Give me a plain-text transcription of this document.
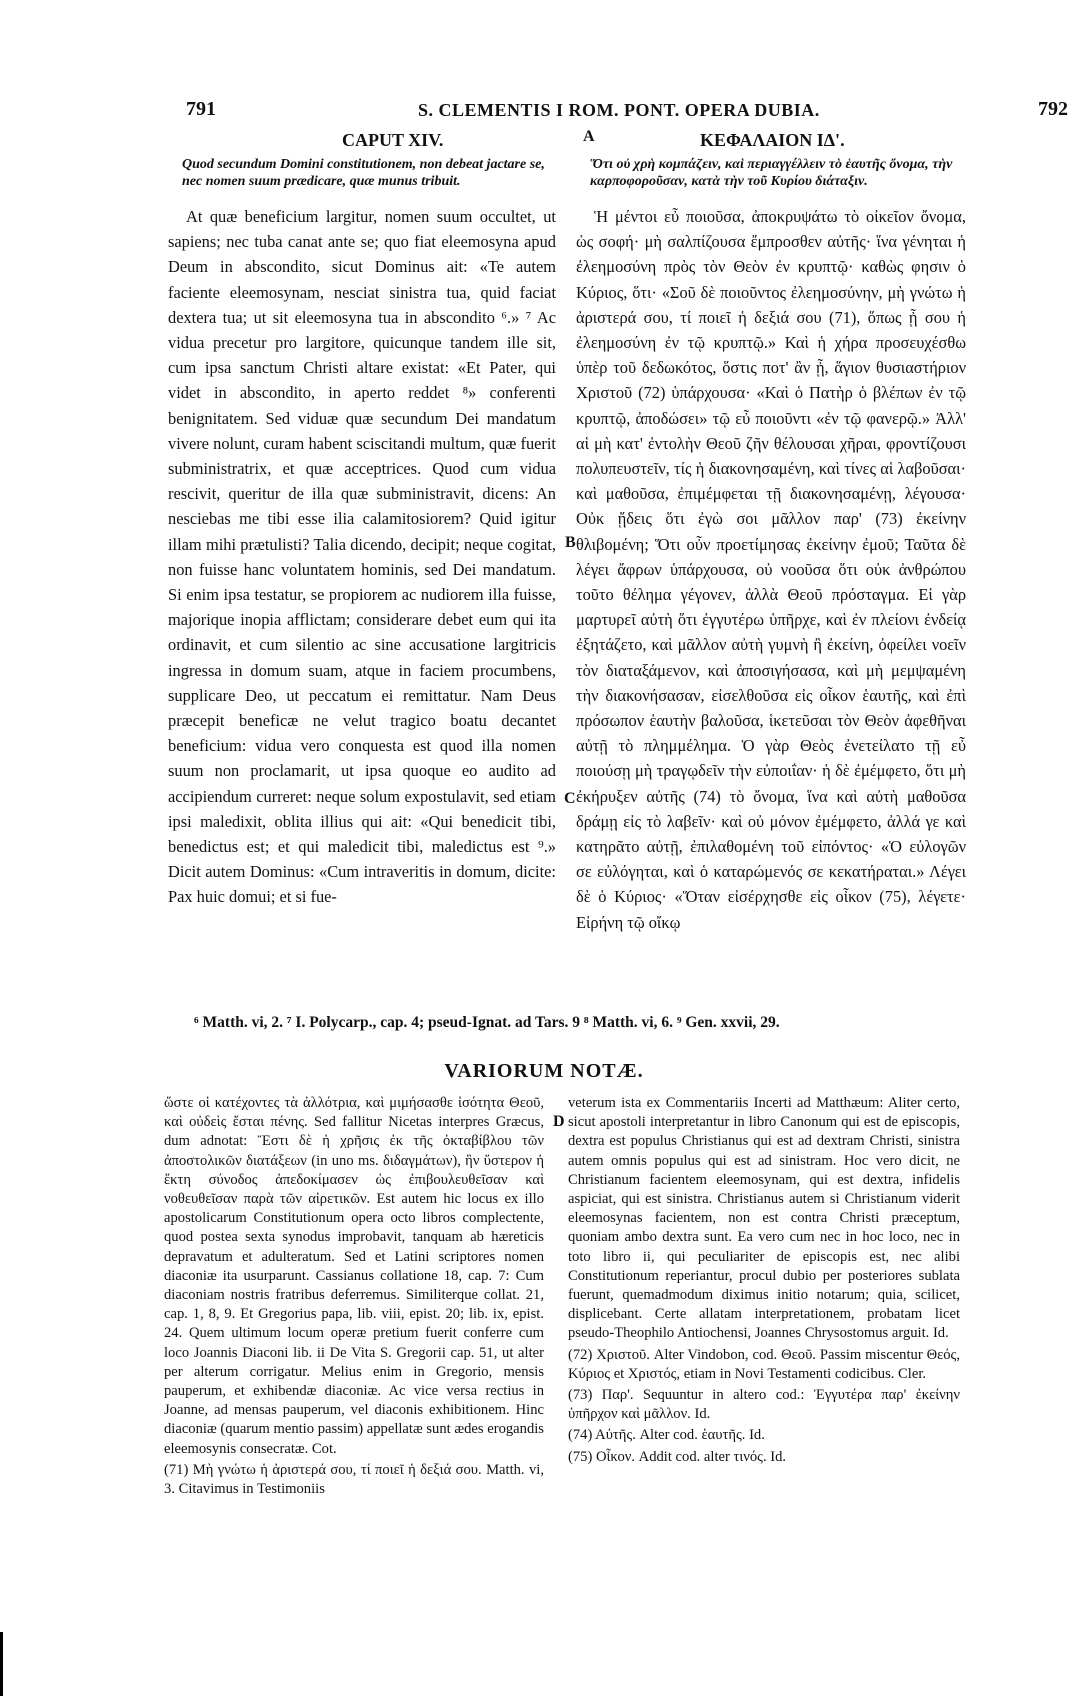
791	S. CLEMENTIS I ROM. PONT. OPERA DUBIA.	792
CAPUT XIV.	ΚΕΦΑΛΑΙΟΝ ΙΔ'.
A
B
C
D
Quod secundum Domini constitutionem, non debeat jactare se, nec nomen suum prædicare, quæ munus tribuit.
Ὅτι οὐ χρὴ κομπάζειν, καὶ περιαγγέλλειν τὸ ἑαυτῆς ὄνομα, τὴν καρποφοροῦσαν, κατὰ τὴν τοῦ Κυρίου διάταξιν.

At quæ beneficium largitur, nomen suum occultet, ut sapiens; nec tuba canat ante se; quo fiat eleemosyna apud Deum in abscondito, sicut Dominus ait: «Te autem faciente eleemosynam, nesciat sinistra tua, quid faciat dextera tua; ut sit eleemosyna tua in abscondito ⁶.» ⁷ Ac vidua precetur pro largitore, quicunque tandem ille sit, cum ipsa sanctum Christi altare existat: «Et Pater, qui videt in abscondito, in aperto reddet ⁸» conferenti benignitatem. Sed viduæ quæ secundum Dei mandatum vivere nolunt, curam habent sciscitandi multum, quæ fuerit subministratrix, et quæ acceptrices. Quod cum vidua rescivit, queritur de illa quæ subministravit, dicens: An nesciebas me tibi esse ilia calamitosiorem? Quid igitur illam mihi prætulisti? Talia dicendo, decipit; neque cogitat, non fuisse hanc voluntatem hominis, sed Dei mandatum. Si enim ipsa testatur, se propiorem ac nudiorem illa fuisse, majorique inopia afflictam; considerare debet eum qui ita ordinavit, et cum silentio ac sine accusatione largitricis ingressa in domum suam, atque in faciem procumbens, supplicare Deo, ut peccatum ei remittatur. Nam Deus præcepit beneficæ ne velut tragico boatu decantet beneficium: vidua vero conquesta est quod illa nomen suum non proclamarit, ut ipsa quoque eo audito ad accipiendum curreret: neque solum expostulavit, sed etiam ipsi maledixit, oblita illius qui ait: «Qui benedicit tibi, benedictus est; et qui maledicit tibi, maledictus est ⁹.» Dicit autem Dominus: «Cum intraveritis in domum, dicite: Pax huic domui; et si fue-

Ἡ μέντοι εὖ ποιοῦσα, ἀποκρυψάτω τὸ οἰκεῖον ὄνομα, ὡς σοφή· μὴ σαλπίζουσα ἔμπροσθεν αὐτῆς· ἵνα γένηται ἡ ἐλεημοσύνη πρὸς τὸν Θεὸν ἐν κρυπτῷ· καθὼς φησιν ὁ Κύριος, ὅτι· «Σοῦ δὲ ποιοῦντος ἐλεημοσύνην, μὴ γνώτω ἡ ἀριστερά σου, τί ποιεῖ ἡ δεξιά σου (71), ὅπως ᾖ σου ἡ ἐλεημοσύνη ἐν τῷ κρυπτῷ.» Καὶ ἡ χήρα προσευχέσθω ὑπὲρ τοῦ δεδωκότος, ὅστις ποτ' ἂν ᾖ, ἅγιον θυσιαστήριον Χριστοῦ (72) ὑπάρχουσα· «Καὶ ὁ Πατὴρ ὁ βλέπων ἐν τῷ κρυπτῷ, ἀποδώσει» τῷ εὖ ποιοῦντι «ἐν τῷ φανερῷ.» Ἀλλ' αἱ μὴ κατ' ἐντολὴν Θεοῦ ζῆν θέλουσαι χῆραι, φροντίζουσι πολυπευστεῖν, τίς ἡ διακονησαμένη, καὶ τίνες αἱ λαβοῦσαι· καὶ μαθοῦσα, ἐπιμέμφεται τῇ διακονησαμένῃ, λέγουσα· Οὐκ ᾔδεις ὅτι ἐγὼ σοι μᾶλλον παρ' (73) ἐκείνην θλιβομένη; Ὅτι οὖν προετίμησας ἐκείνην ἐμοῦ; Ταῦτα δὲ λέγει ἄφρων ὑπάρχουσα, οὐ νοοῦσα ὅτι οὐκ ἀνθρώπου τοῦτο θέλημα γέγονεν, ἀλλὰ Θεοῦ πρόσταγμα. Εἰ γὰρ μαρτυρεῖ αὐτὴ ὅτι ἐγγυτέρω ὑπῆρχε, καὶ ἐν πλείονι ἐνδείᾳ ἐξητάζετο, καὶ μᾶλλον αὐτὴ γυμνὴ ἢ ἐκείνη, ὀφείλει νοεῖν τὸν διαταξάμενον, καὶ ἀποσιγήσασα, καὶ μὴ μεμψαμένη τὴν διακονήσασαν, εἰσελθοῦσα εἰς οἶκον ἑαυτῆς, καὶ ἐπὶ πρόσωπον ἑαυτὴν βαλοῦσα, ἱκετεῦσαι τὸν Θεὸν ἀφεθῆναι αὐτῇ τὸ πλημμέλημα. Ὁ γὰρ Θεὸς ἐνετείλατο τῇ εὖ ποιούσῃ μὴ τραγῳδεῖν τὴν εὐποιΐαν· ἡ δὲ ἐμέμφετο, ὅτι μὴ ἐκήρυξεν αὐτῆς (74) τὸ ὄνομα, ἵνα καὶ αὐτὴ μαθοῦσα δράμῃ εἰς τὸ λαβεῖν· καὶ οὐ μόνον ἐμέμφετο, ἀλλά γε καὶ κατηρᾶτο αὐτῇ, ἐπιλαθομένη τοῦ εἰπόντος· «Ὁ εὐλογῶν σε εὐλόγηται, καὶ ὁ καταρώμενός σε κεκατήραται.» Λέγει δὲ ὁ Κύριος· «Ὅταν εἰσέρχησθε εἰς οἶκον (75), λέγετε· Εἰρήνη τῷ οἴκῳ

⁶ Matth. vi, 2. ⁷ I. Polycarp., cap. 4; pseud-Ignat. ad Tars. 9 ⁸ Matth. vi, 6. ⁹ Gen. xxvii, 29.
VARIORUM NOTÆ.

ὥστε οἱ κατέχοντες τὰ ἀλλότρια, καὶ μιμήσασθε ἰσότητα Θεοῦ, καὶ οὐδεὶς ἔσται πένης. Sed fallitur Nicetas interpres Græcus, dum adnotat: Ἔστι δὲ ἡ χρῆσις ἐκ τῆς ὀκταβίβλου τῶν ἀποστολικῶν διατάξεων (in uno ms. διδαγμάτων), ἣν ὕστερον ἡ ἕκτη σύνοδος ἀπεδοκίμασεν ὡς ἐπιβουλευθεῖσαν καὶ νοθευθεῖσαν παρὰ τῶν αἱρετικῶν. Est autem hic locus ex illo apostolicarum Constitutionum opera octo libros complectente, quod postea sexta synodus improbavit, tanquam ab hæreticis depravatum et adulteratum. Sed et Latini scriptores nomen diaconiæ ita usurparunt. Cassianus collatione 18, cap. 7: Cum diaconiam nostris fratribus deferremus. Similiterque collat. 21, cap. 1, 8, 9. Et Gregorius papa, lib. viii, epist. 20; lib. ix, epist. 24. Quem ultimum locum operæ pretium fuerit conferre cum loco Joannis Diaconi lib. ii De Vita S. Gregorii cap. 51, ut alter per alterum corrigatur. Melius enim in Gregorio, mensis pauperum, et exhibendæ diaconiæ. Ac vice versa rectius in Joanne, ad mensas pauperum, vel diaconis exhibitionem. Hinc diaconiæ (quarum mentio passim) appellatæ sunt ædes erogandis eleemosynis consecratæ. Cot.

(71) Μὴ γνώτω ἡ ἀριστερά σου, τί ποιεῖ ἡ δεξιά σου. Matth. vi, 3. Citavimus in Testimoniis

veterum ista ex Commentariis Incerti ad Matthæum: Aliter certo, sicut apostoli interpretantur in libro Canonum qui est de episcopis, dextra est populus Christianus qui est ad dextram Christi, sinistra autem omnis populus qui est ad sinistram. Hoc vero dicit, ne Christianum facientem eleemosynam, qui est dextra, infidelis aspiciat, qui est sinistra. Christianus autem si Christianum viderit eleemosynas facientem, non est contra Christi præceptum, quoniam ambo dextra sunt. Ea vero cum nec in hoc loco, nec in toto libro ii, qui peculiariter de episcopis est, nec alibi Constitutionum reperiantur, procul dubio per posteriores sublata fuerunt, quemadmodum diximus initio notarum; quia, scilicet, displicebant. Certe allatam interpretationem, probatam licet pseudo-Theophilo Antiochensi, Joannes Chrysostomus arguit. Id.

(72) Χριστοῦ. Alter Vindobon, cod. Θεοῦ. Passim miscentur Θεός, Κύριος et Χριστός, etiam in Novi Testamenti codicibus. Cler.

(73) Παρ'. Sequuntur in altero cod.: Ἐγγυτέρα παρ' ἐκείνην ὑπῆρχον καὶ μᾶλλον. Id.

(74) Αὐτῆς. Alter cod. ἑαυτῆς. Id.

(75) Οἶκον. Addit cod. alter τινός. Id.
